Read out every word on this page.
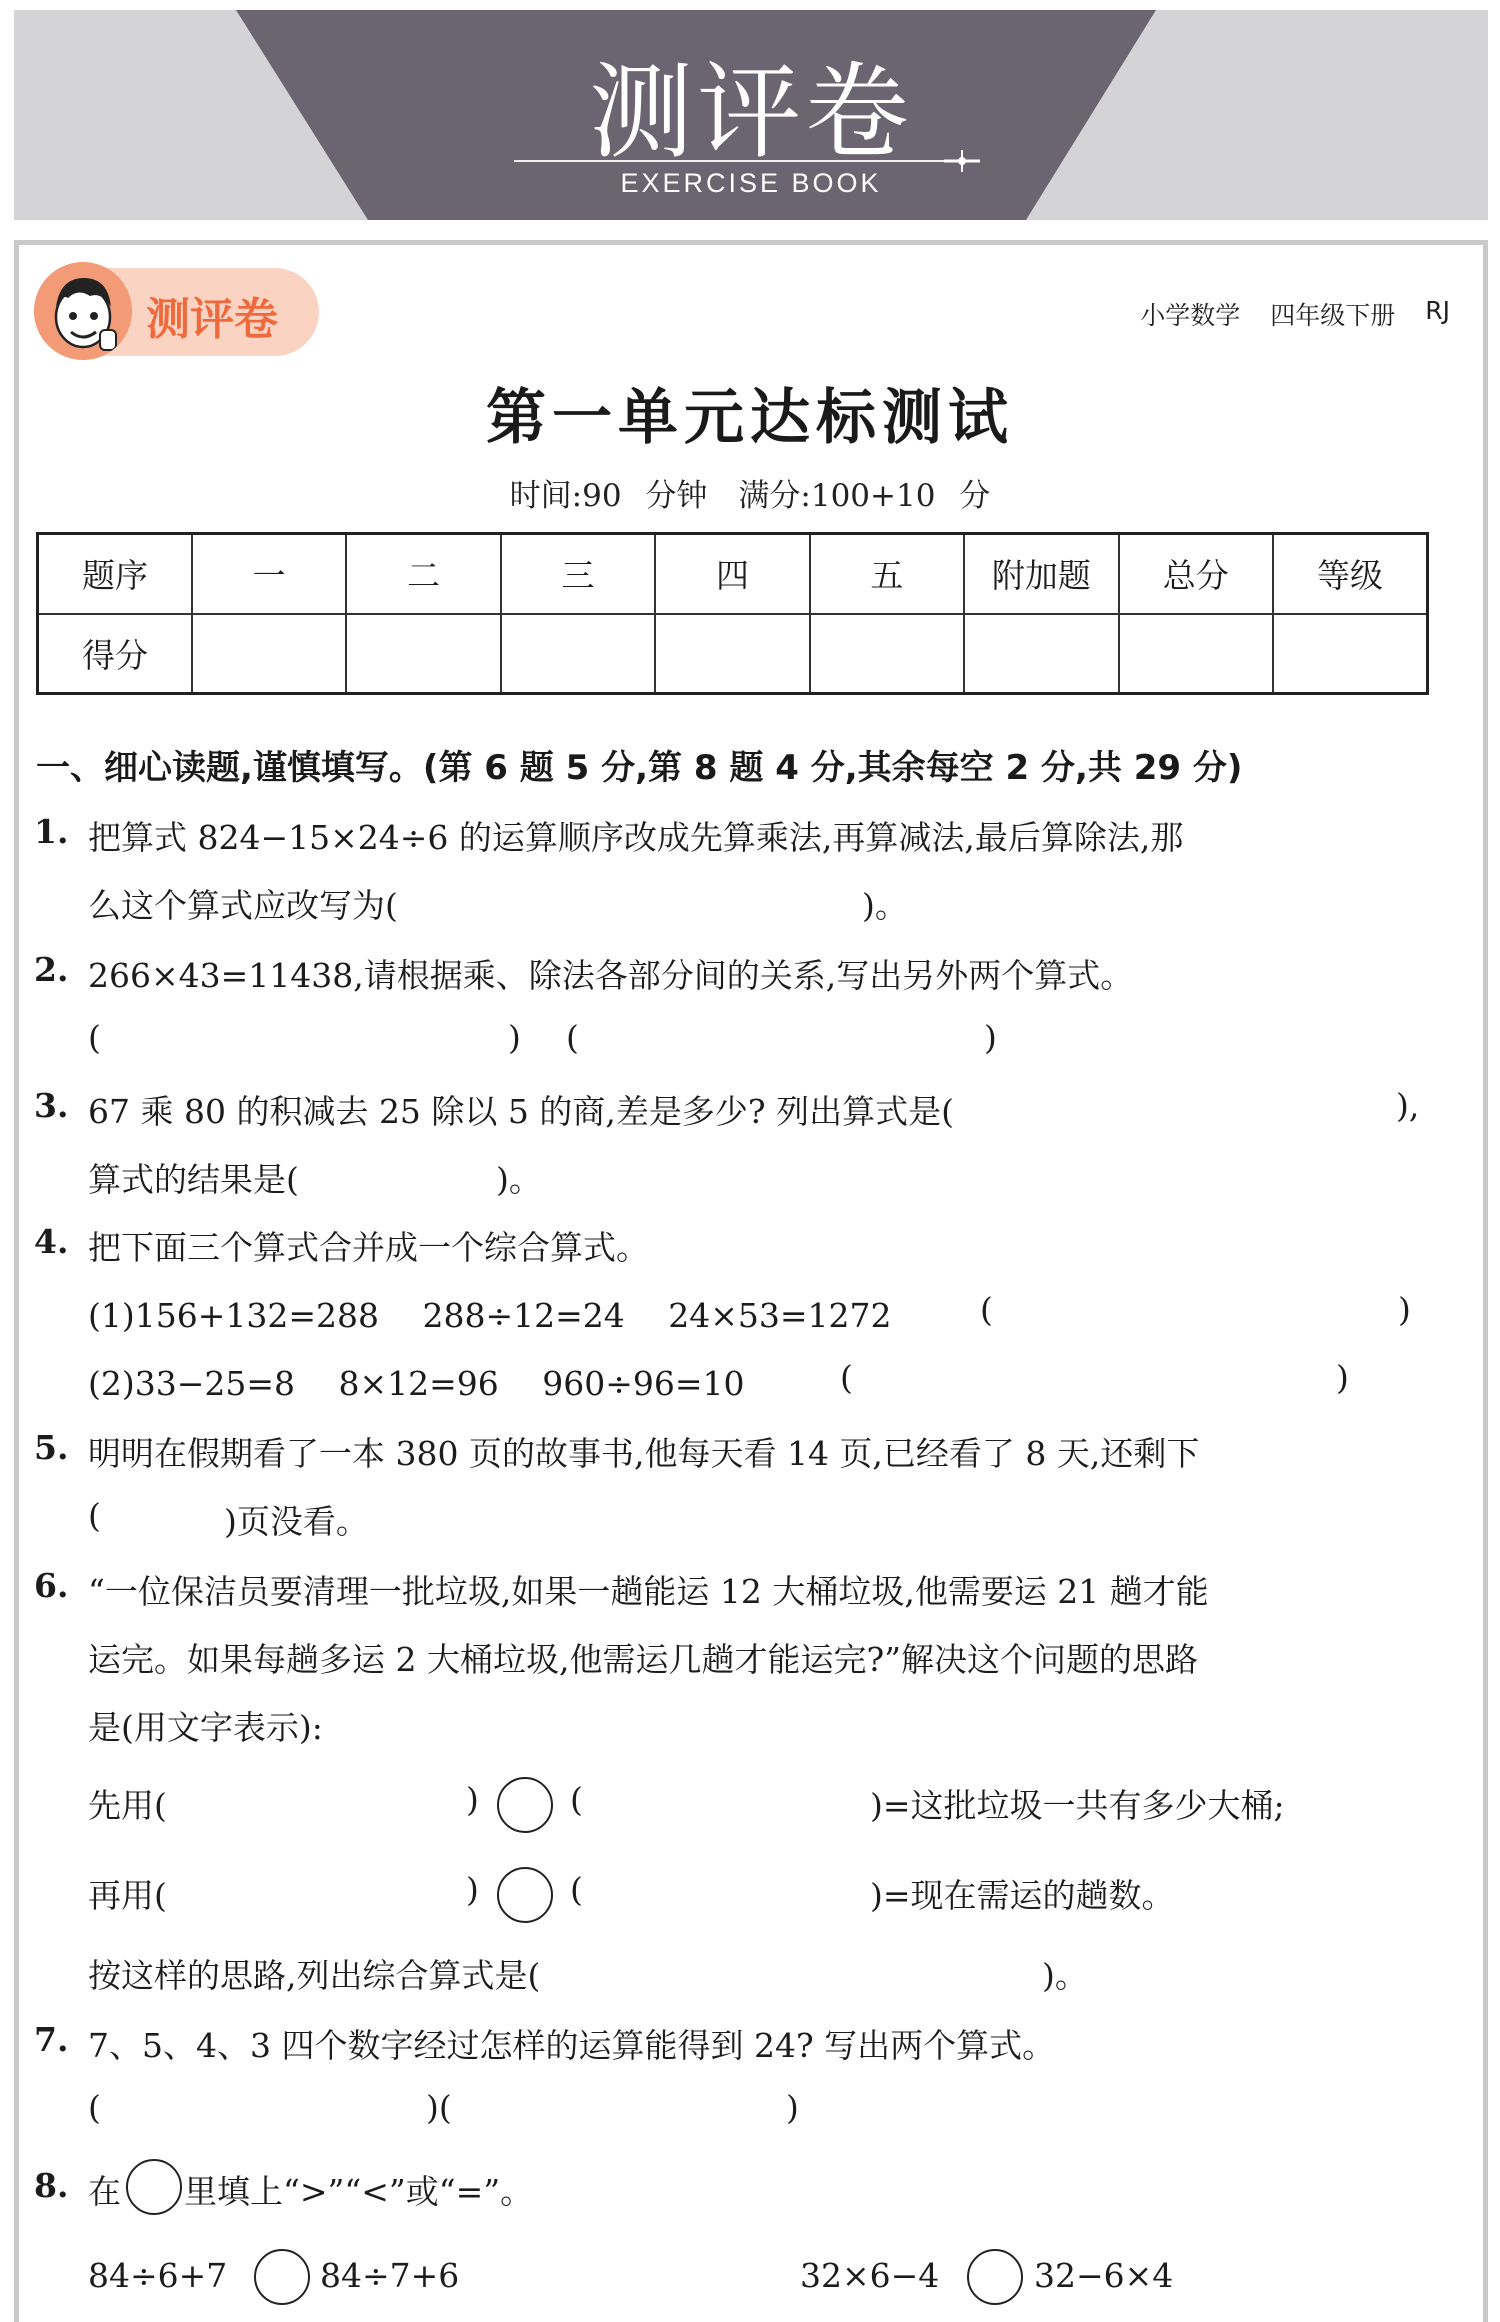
测评卷
EXERCISE BOOK
测评卷	小学数学 四年级下册 RJ
第一单元达标测试
时间:90 分钟　满分:100+10 分
题序	一	二	三	四	五	附加题	总分	等级
得分								
一、细心读题,谨慎填写。(第 6 题 5 分,第 8 题 4 分,其余每空 2 分,共 29 分)
1. 把算式 824−15×24÷6 的运算顺序改成先算乘法,再算减法,最后算除法,那
么这个算式应改写为(	)。
2. 266×43=11438,请根据乘、除法各部分间的关系,写出另外两个算式。
(	) (	)
3. 67 乘 80 的积减去 25 除以 5 的商,差是多少? 列出算式是(	),
算式的结果是(	)。
4. 把下面三个算式合并成一个综合算式。
(1)156+132=288　 288÷12=24　 24×53=1272	(	)
(2)33−25=8　 8×12=96　 960÷96=10	(	)
5. 明明在假期看了一本 380 页的故事书,他每天看 14 页,已经看了 8 天,还剩下
(	)页没看。
6. “一位保洁员要清理一批垃圾,如果一趟能运 12 大桶垃圾,他需要运 21 趟才能
运完。如果每趟多运 2 大桶垃圾,他需运几趟才能运完?”解决这个问题的思路
是(用文字表示):
先用(	)	(	)=这批垃圾一共有多少大桶;
再用(	)	(	)=现在需运的趟数。
按这样的思路,列出综合算式是(	)。
7. 7、5、4、3 四个数字经过怎样的运算能得到 24? 写出两个算式。
(	)(	)
8. 在 里填上“>”“<”或“=”。
84÷6+7	84÷7+6	32×6−4	32−6×4
